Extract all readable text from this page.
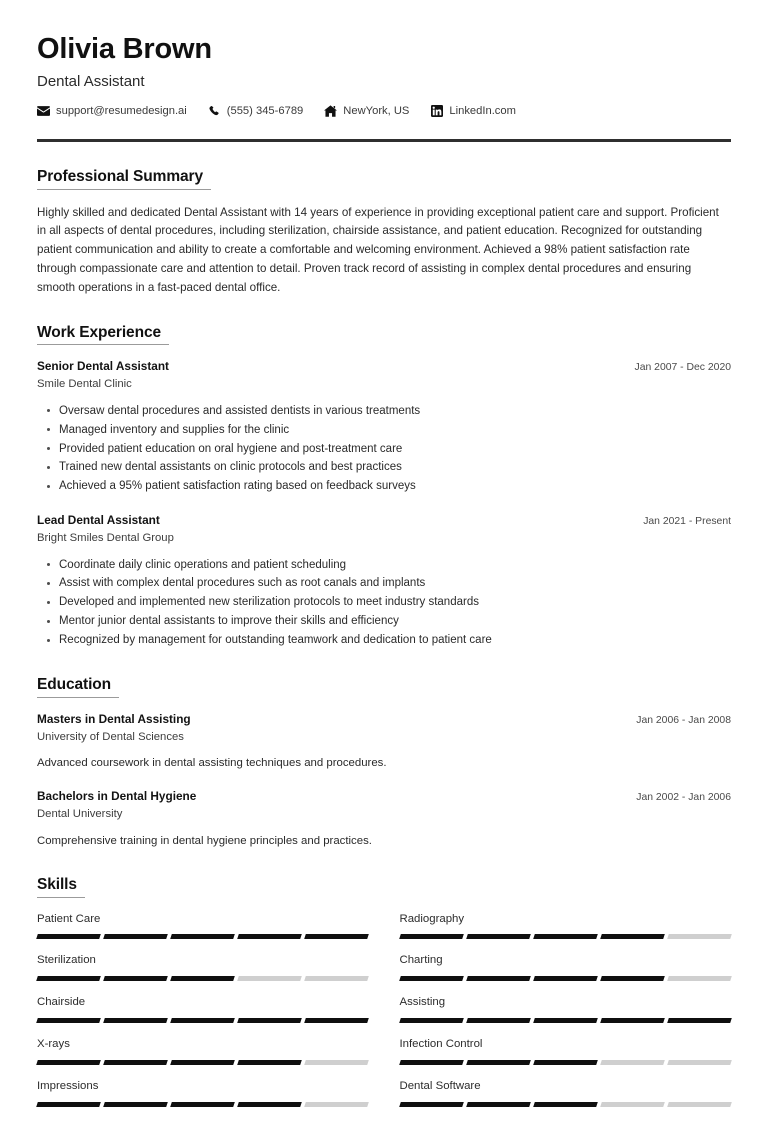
Olivia Brown
Dental Assistant
support@resumedesign.ai	(555) 345-6789	NewYork, US	LinkedIn.com
Professional Summary

Highly skilled and dedicated Dental Assistant with 14 years of experience in providing exceptional patient care and support. Proficient in all aspects of dental procedures, including sterilization, chairside assistance, and patient education. Recognized for outstanding patient communication and ability to create a comfortable and welcoming environment. Achieved a 98% patient satisfaction rate through compassionate care and attention to detail. Proven track record of assisting in complex dental procedures and ensuring smooth operations in a fast-paced dental office.

Work Experience
Senior Dental Assistant	Jan 2007 - Dec 2020
Smile Dental Clinic
Oversaw dental procedures and assisted dentists in various treatments
Managed inventory and supplies for the clinic
Provided patient education on oral hygiene and post-treatment care
Trained new dental assistants on clinic protocols and best practices
Achieved a 95% patient satisfaction rating based on feedback surveys
Lead Dental Assistant	Jan 2021 - Present
Bright Smiles Dental Group
Coordinate daily clinic operations and patient scheduling
Assist with complex dental procedures such as root canals and implants
Developed and implemented new sterilization protocols to meet industry standards
Mentor junior dental assistants to improve their skills and efficiency
Recognized by management for outstanding teamwork and dedication to patient care
Education
Masters in Dental Assisting	Jan 2006 - Jan 2008
University of Dental Sciences
Advanced coursework in dental assisting techniques and procedures.
Bachelors in Dental Hygiene	Jan 2002 - Jan 2006
Dental University
Comprehensive training in dental hygiene principles and practices.
Skills
Patient Care	Radiography
Sterilization	Charting
Chairside	Assisting
X-rays	Infection Control
Impressions	Dental Software
